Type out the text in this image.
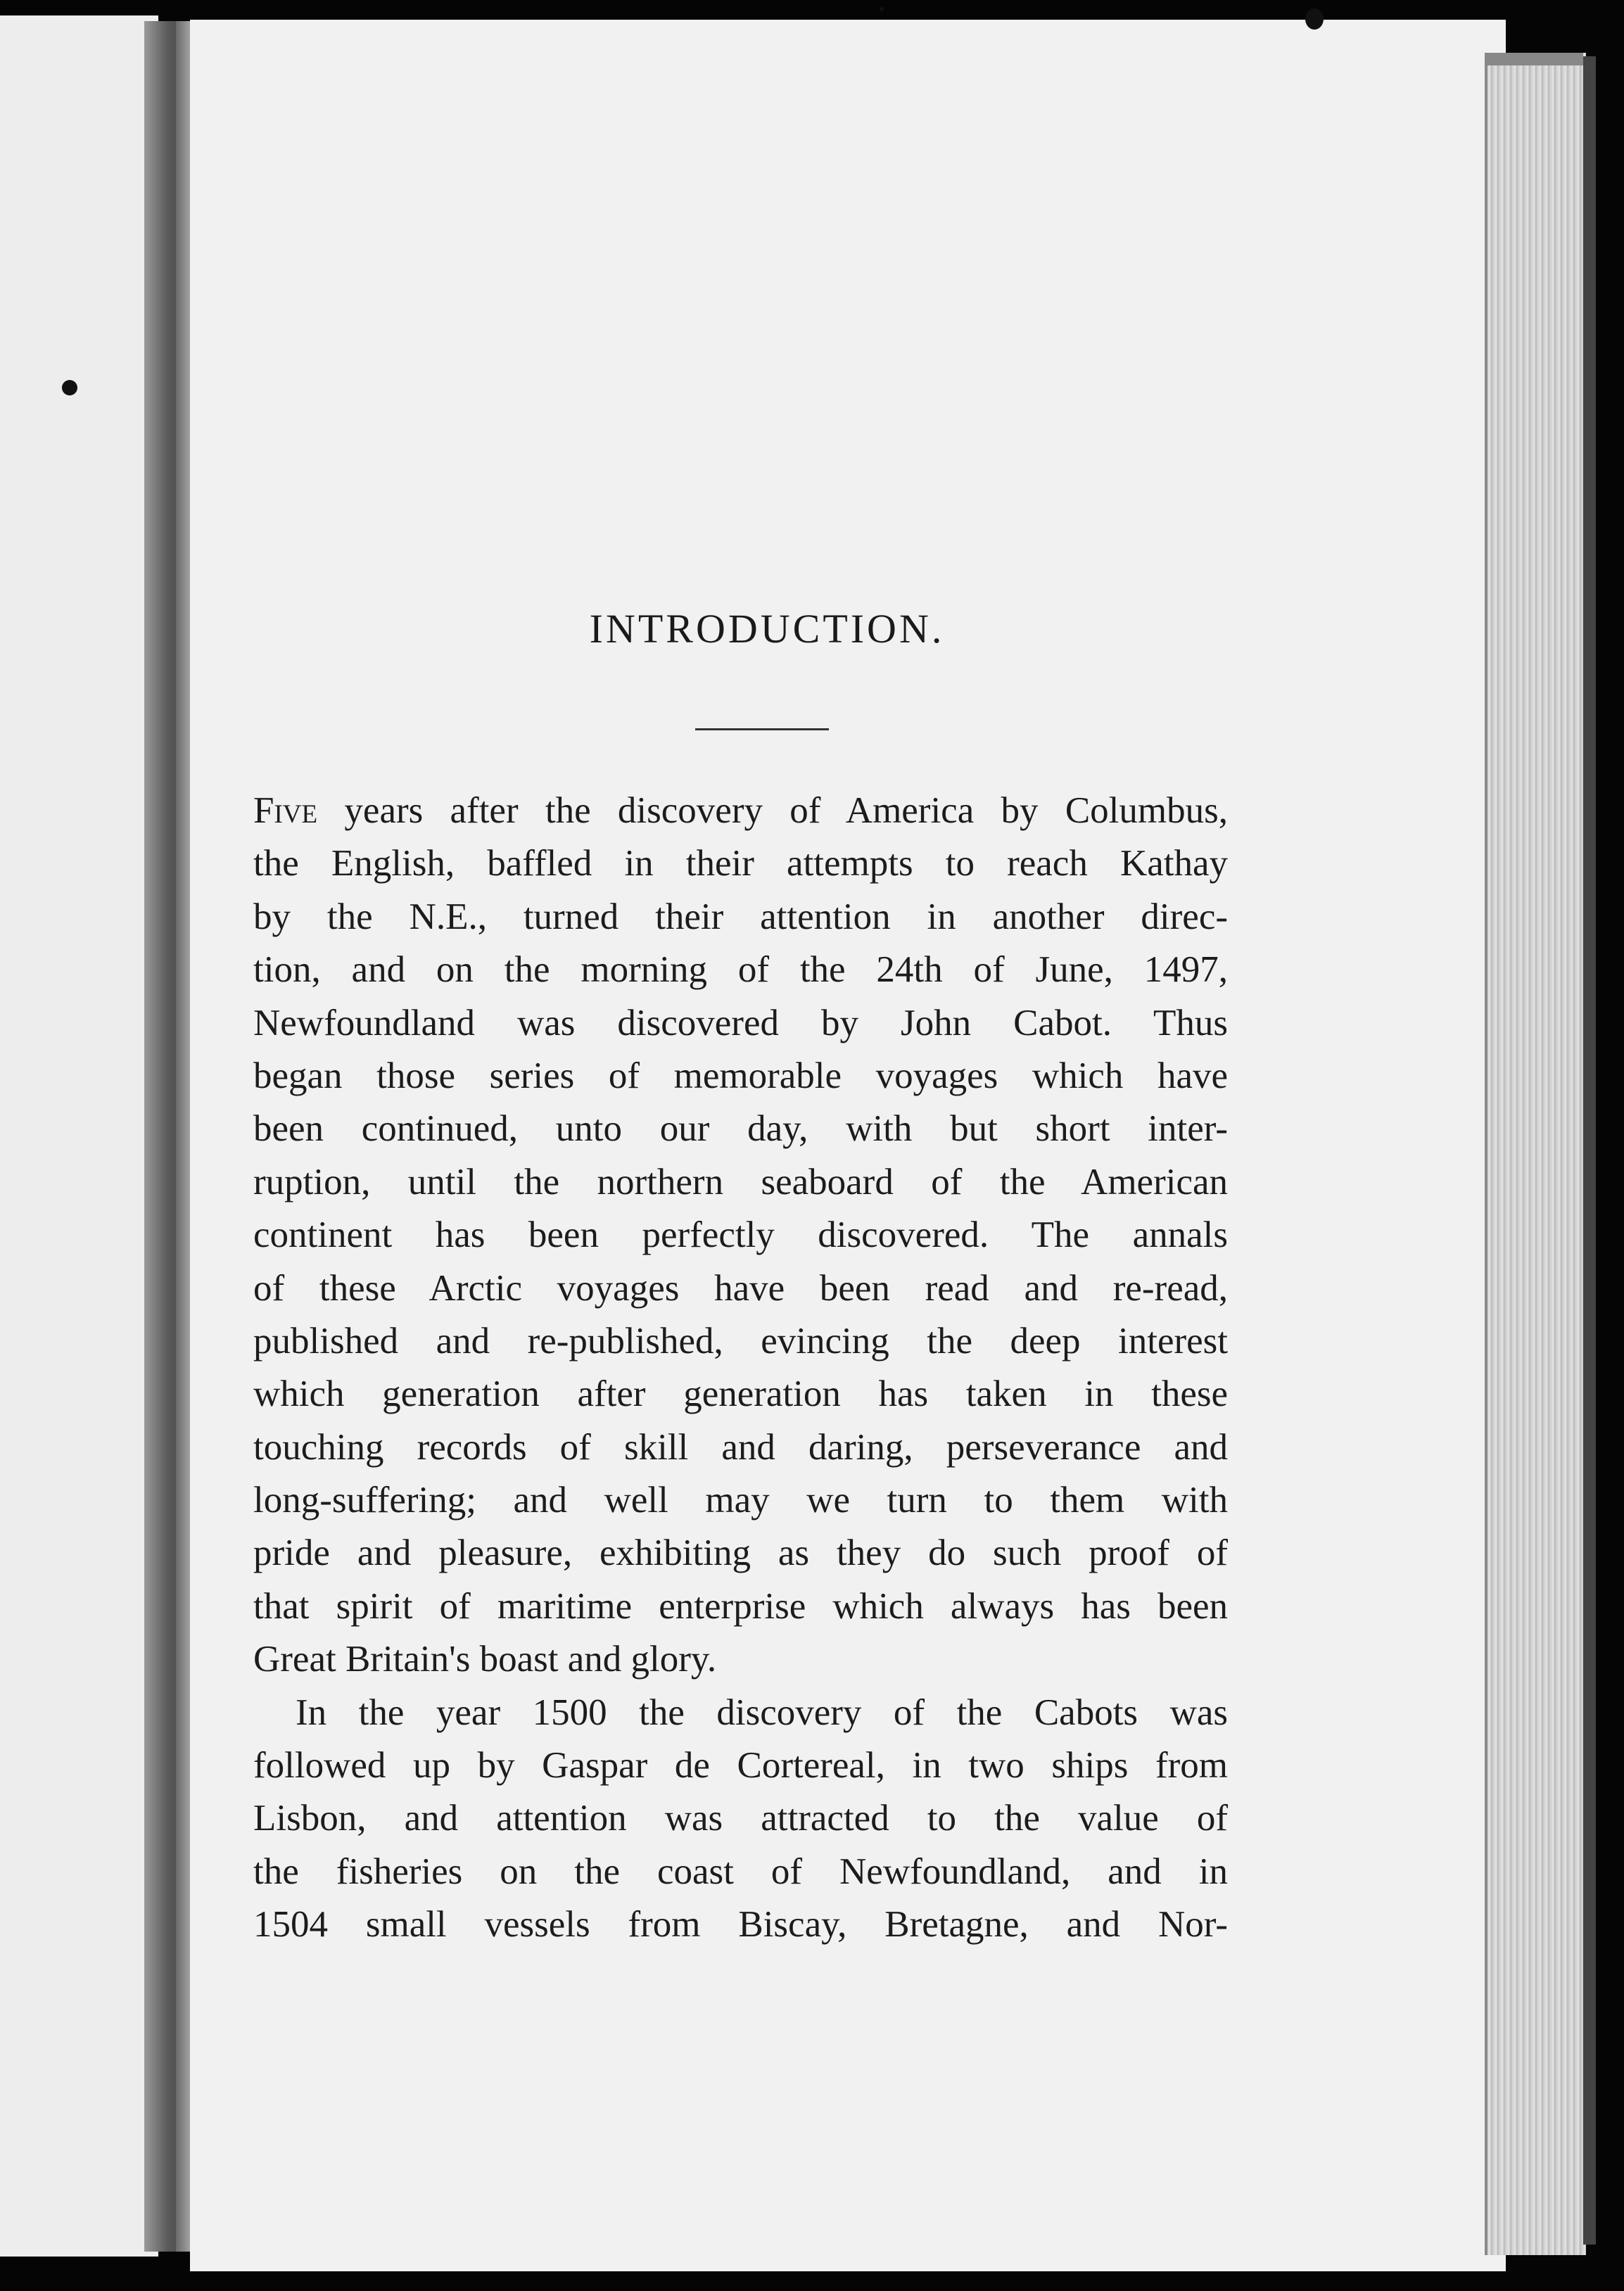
INTRODUCTION.

Five years after the discovery of America by Columbus,
the English, baffled in their attempts to reach Kathay
by the N.E., turned their attention in another direc-
tion, and on the morning of the 24th of June, 1497,
Newfoundland was discovered by John Cabot. Thus
began those series of memorable voyages which have
been continued, unto our day, with but short inter-
ruption, until the northern seaboard of the American
continent has been perfectly discovered. The annals
of these Arctic voyages have been read and re-read,
published and re-published, evincing the deep interest
which generation after generation has taken in these
touching records of skill and daring, perseverance and
long-suffering; and well may we turn to them with
pride and pleasure, exhibiting as they do such proof of
that spirit of maritime enterprise which always has been
Great Britain's boast and glory.

In the year 1500 the discovery of the Cabots was
followed up by Gaspar de Cortereal, in two ships from
Lisbon, and attention was attracted to the value of
the fisheries on the coast of Newfoundland, and in
1504 small vessels from Biscay, Bretagne, and Nor-
